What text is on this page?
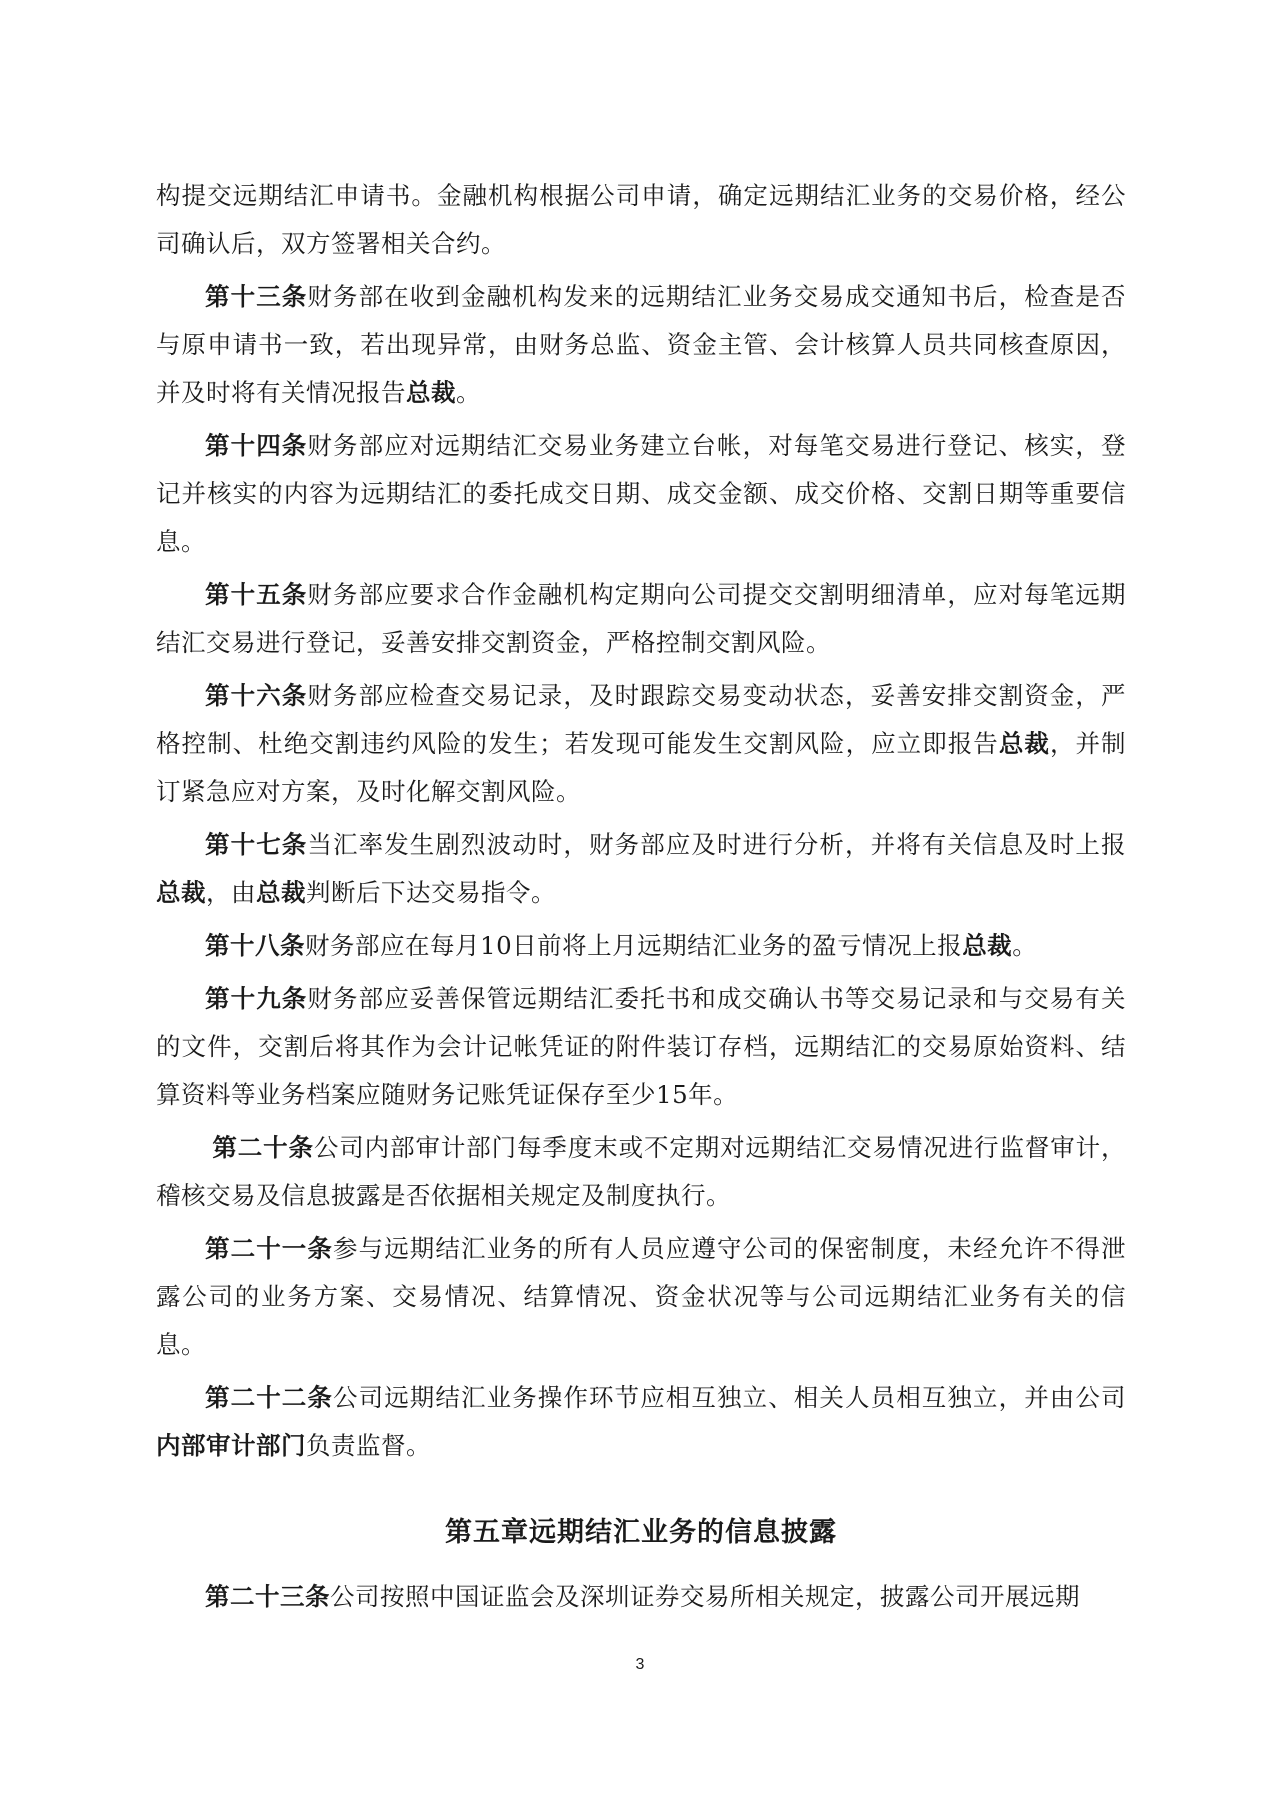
构提交远期结汇申请书。金融机构根据公司申请，确定远期结汇业务的交易价格，经公司确认后，双方签署相关合约。

第十三条财务部在收到金融机构发来的远期结汇业务交易成交通知书后，检查是否与原申请书一致，若出现异常，由财务总监、资金主管、会计核算人员共同核查原因，并及时将有关情况报告总裁。

第十四条财务部应对远期结汇交易业务建立台帐，对每笔交易进行登记、核实，登记并核实的内容为远期结汇的委托成交日期、成交金额、成交价格、交割日期等重要信息。

第十五条财务部应要求合作金融机构定期向公司提交交割明细清单，应对每笔远期结汇交易进行登记，妥善安排交割资金，严格控制交割风险。

第十六条财务部应检查交易记录，及时跟踪交易变动状态，妥善安排交割资金，严格控制、杜绝交割违约风险的发生；若发现可能发生交割风险，应立即报告总裁，并制订紧急应对方案，及时化解交割风险。

第十七条当汇率发生剧烈波动时，财务部应及时进行分析，并将有关信息及时上报总裁，由总裁判断后下达交易指令。

第十八条财务部应在每月10日前将上月远期结汇业务的盈亏情况上报总裁。

第十九条财务部应妥善保管远期结汇委托书和成交确认书等交易记录和与交易有关的文件，交割后将其作为会计记帐凭证的附件装订存档，远期结汇的交易原始资料、结算资料等业务档案应随财务记账凭证保存至少15年。

第二十条公司内部审计部门每季度末或不定期对远期结汇交易情况进行监督审计，稽核交易及信息披露是否依据相关规定及制度执行。

第二十一条参与远期结汇业务的所有人员应遵守公司的保密制度，未经允许不得泄露公司的业务方案、交易情况、结算情况、资金状况等与公司远期结汇业务有关的信息。

第二十二条公司远期结汇业务操作环节应相互独立、相关人员相互独立，并由公司内部审计部门负责监督。

第五章远期结汇业务的信息披露

第二十三条公司按照中国证监会及深圳证券交易所相关规定，披露公司开展远期

3
